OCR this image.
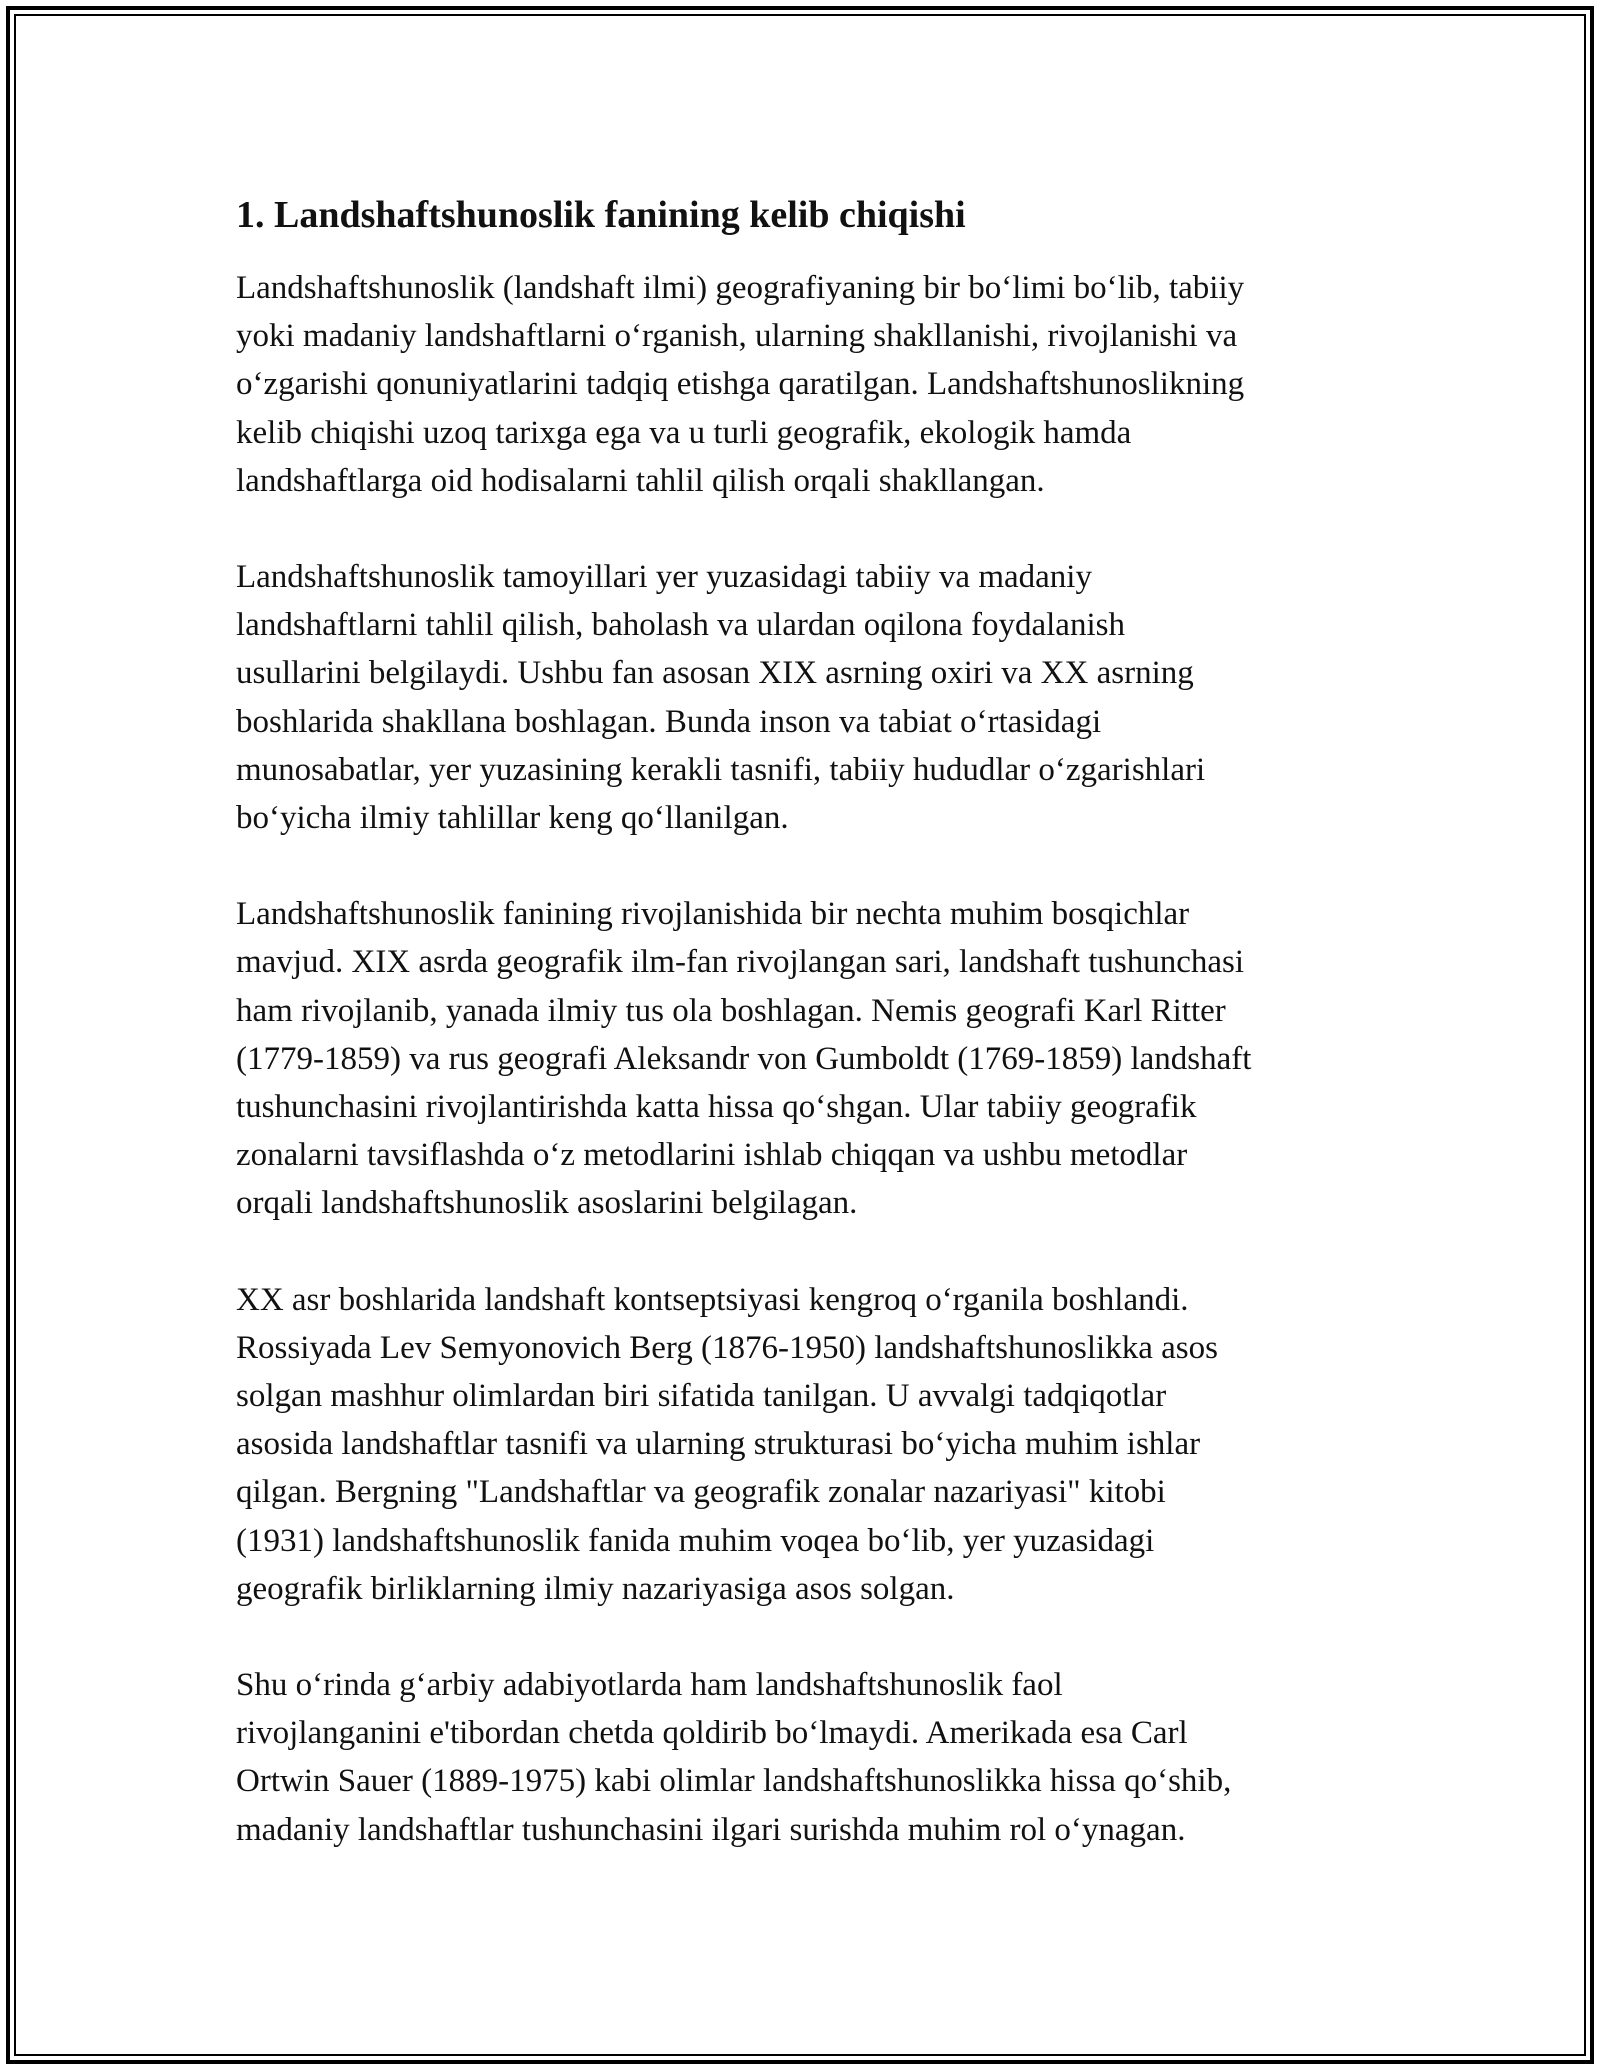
1. Landshaftshunoslik fanining kelib chiqishi

Landshaftshunoslik (landshaft ilmi) geografiyaning bir bo‘limi bo‘lib, tabiiy
yoki madaniy landshaftlarni o‘rganish, ularning shakllanishi, rivojlanishi va
o‘zgarishi qonuniyatlarini tadqiq etishga qaratilgan. Landshaftshunoslikning
kelib chiqishi uzoq tarixga ega va u turli geografik, ekologik hamda
landshaftlarga oid hodisalarni tahlil qilish orqali shakllangan.

Landshaftshunoslik tamoyillari yer yuzasidagi tabiiy va madaniy
landshaftlarni tahlil qilish, baholash va ulardan oqilona foydalanish
usullarini belgilaydi. Ushbu fan asosan XIX asrning oxiri va XX asrning
boshlarida shakllana boshlagan. Bunda inson va tabiat o‘rtasidagi
munosabatlar, yer yuzasining kerakli tasnifi, tabiiy hududlar o‘zgarishlari
bo‘yicha ilmiy tahlillar keng qo‘llanilgan.

Landshaftshunoslik fanining rivojlanishida bir nechta muhim bosqichlar
mavjud. XIX asrda geografik ilm-fan rivojlangan sari, landshaft tushunchasi
ham rivojlanib, yanada ilmiy tus ola boshlagan. Nemis geografi Karl Ritter
(1779-1859) va rus geografi Aleksandr von Gumboldt (1769-1859) landshaft
tushunchasini rivojlantirishda katta hissa qo‘shgan. Ular tabiiy geografik
zonalarni tavsiflashda o‘z metodlarini ishlab chiqqan va ushbu metodlar
orqali landshaftshunoslik asoslarini belgilagan.

XX asr boshlarida landshaft kontseptsiyasi kengroq o‘rganila boshlandi.
Rossiyada Lev Semyonovich Berg (1876-1950) landshaftshunoslikka asos
solgan mashhur olimlardan biri sifatida tanilgan. U avvalgi tadqiqotlar
asosida landshaftlar tasnifi va ularning strukturasi bo‘yicha muhim ishlar
qilgan. Bergning "Landshaftlar va geografik zonalar nazariyasi" kitobi
(1931) landshaftshunoslik fanida muhim voqea bo‘lib, yer yuzasidagi
geografik birliklarning ilmiy nazariyasiga asos solgan.

Shu o‘rinda g‘arbiy adabiyotlarda ham landshaftshunoslik faol
rivojlanganini e'tibordan chetda qoldirib bo‘lmaydi. Amerikada esa Carl
Ortwin Sauer (1889-1975) kabi olimlar landshaftshunoslikka hissa qo‘shib,
madaniy landshaftlar tushunchasini ilgari surishda muhim rol o‘ynagan.
